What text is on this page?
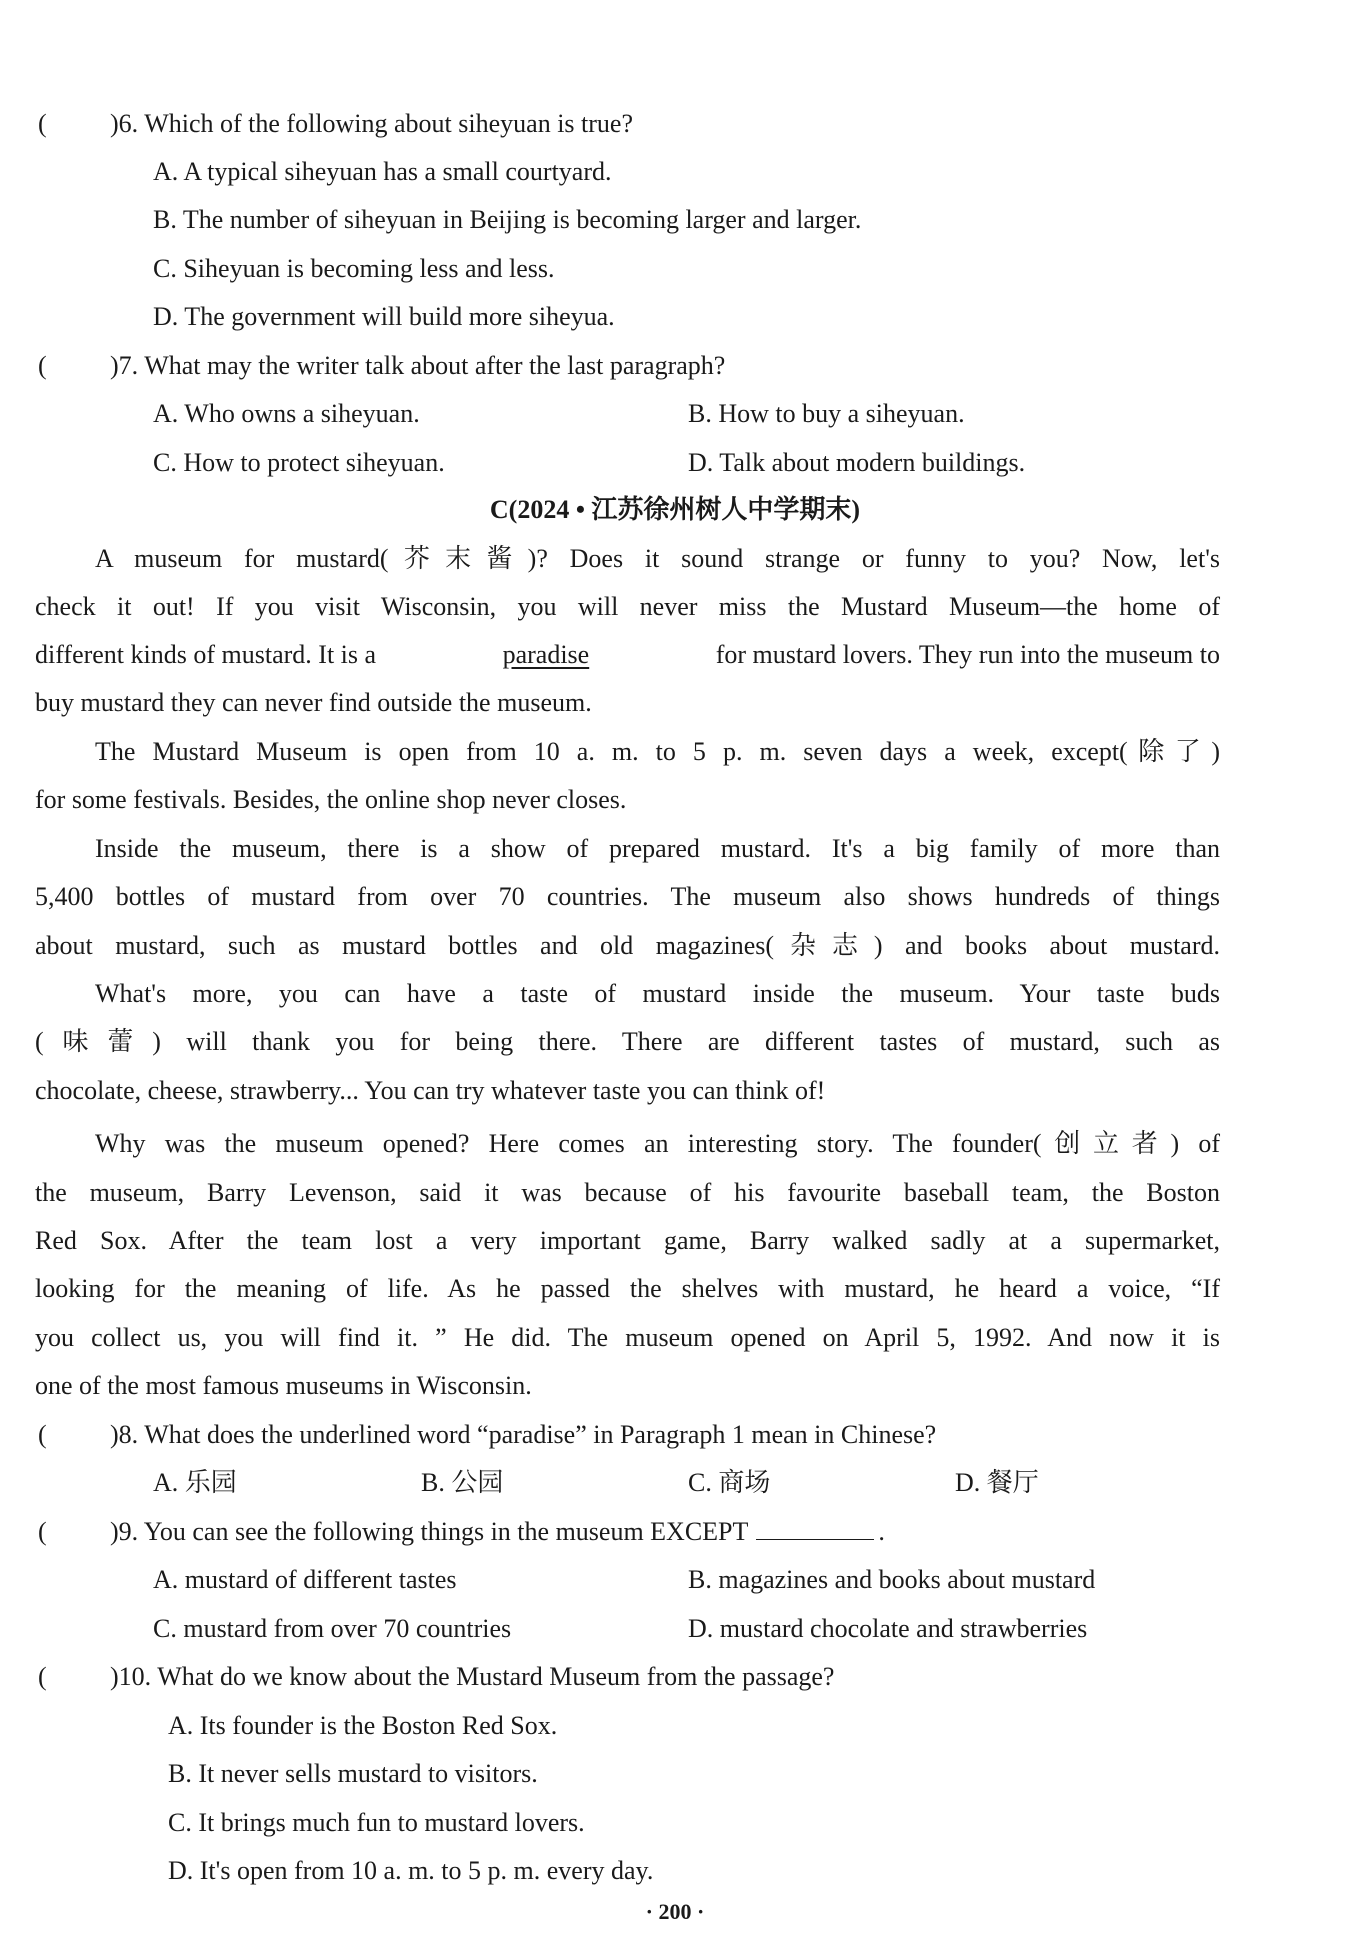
( )6. Which of the following about siheyuan is true?
A. A typical siheyuan has a small courtyard.
B. The number of siheyuan in Beijing is becoming larger and larger.
C. Siheyuan is becoming less and less.
D. The government will build more siheyua.
( )7. What may the writer talk about after the last paragraph?
A. Who owns a siheyuan.	B. How to buy a siheyuan.
C. How to protect siheyuan.	D. Talk about modern buildings.
C(2024 • 江苏徐州树人中学期末)
A museum for mustard(芥末酱)? Does it sound strange or funny to you? Now, let's
check it out! If you visit Wisconsin, you will never miss the Mustard Museum—the home of
different kinds of mustard. It is a	paradise	for mustard lovers. They run into the museum to
buy mustard they can never find outside the museum.
The Mustard Museum is open from 10 a. m. to 5 p. m. seven days a week, except(除了)
for some festivals. Besides, the online shop never closes.
Inside the museum, there is a show of prepared mustard. It's a big family of more than
5,400 bottles of mustard from over 70 countries. The museum also shows hundreds of things
about mustard, such as mustard bottles and old magazines(杂志) and books about mustard.
What's more, you can have a taste of mustard inside the museum. Your taste buds
(味蕾) will thank you for being there. There are different tastes of mustard, such as
chocolate, cheese, strawberry... You can try whatever taste you can think of!
Why was the museum opened? Here comes an interesting story. The founder(创立者) of
the museum, Barry Levenson, said it was because of his favourite baseball team, the Boston
Red Sox. After the team lost a very important game, Barry walked sadly at a supermarket,
looking for the meaning of life. As he passed the shelves with mustard, he heard a voice, “If
you collect us, you will find it. ” He did. The museum opened on April 5, 1992. And now it is
one of the most famous museums in Wisconsin.
( )8. What does the underlined word “paradise” in Paragraph 1 mean in Chinese?
A. 乐园	B. 公园	C. 商场	D. 餐厅
( )9. You can see the following things in the museum EXCEPT	.
A. mustard of different tastes	B. magazines and books about mustard
C. mustard from over 70 countries	D. mustard chocolate and strawberries
( )10. What do we know about the Mustard Museum from the passage?
A. Its founder is the Boston Red Sox.
B. It never sells mustard to visitors.
C. It brings much fun to mustard lovers.
D. It's open from 10 a. m. to 5 p. m. every day.
· 200 ·
